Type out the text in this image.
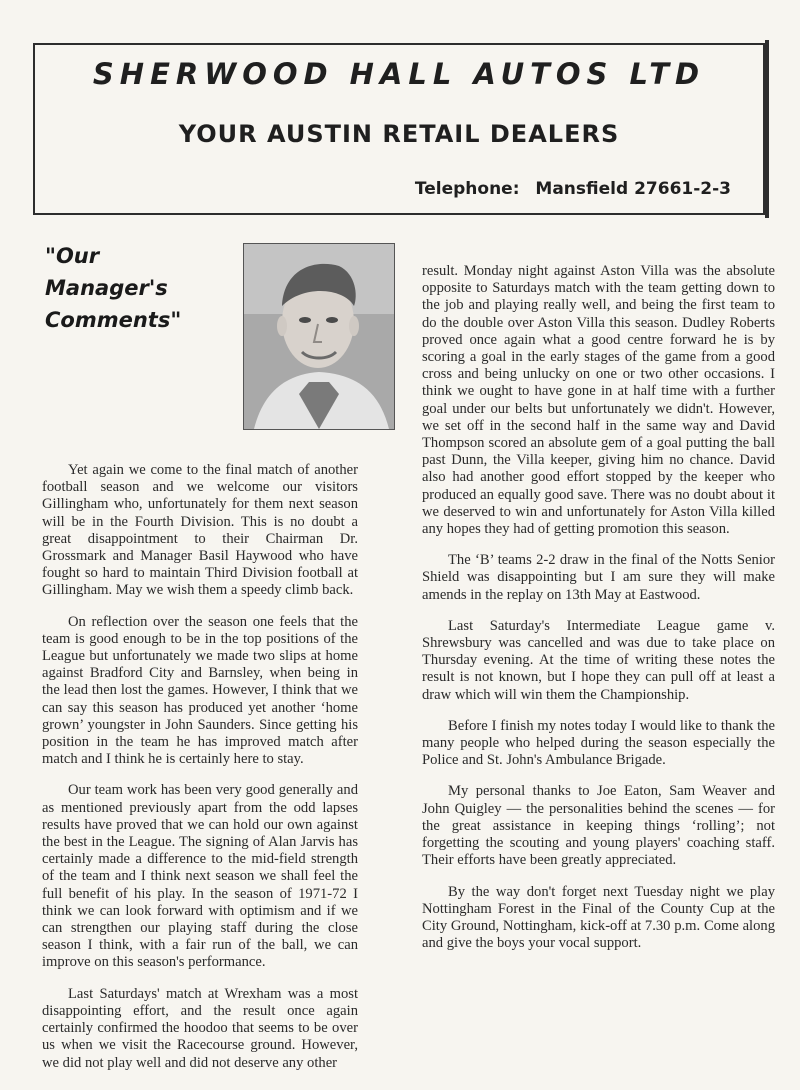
SHERWOOD HALL AUTOS LTD
YOUR AUSTIN RETAIL DEALERS
Telephone: Mansfield 27661-2-3
"Our
Manager's
Comments"

Yet again we come to the final match of another football season and we welcome our visitors Gillingham who, unfortunately for them next season will be in the Fourth Division. This is no doubt a great disappointment to their Chairman Dr. Grossmark and Manager Basil Haywood who have fought so hard to maintain Third Division football at Gillingham. May we wish them a speedy climb back.

On reflection over the season one feels that the team is good enough to be in the top positions of the League but unfortunately we made two slips at home against Bradford City and Barnsley, when being in the lead then lost the games. However, I think that we can say this season has produced yet another ‘home grown’ youngster in John Saunders. Since getting his position in the team he has improved match after match and I think he is certainly here to stay.

Our team work has been very good generally and as mentioned previously apart from the odd lapses results have proved that we can hold our own against the best in the League. The signing of Alan Jarvis has certainly made a difference to the mid-field strength of the team and I think next season we shall feel the full benefit of his play. In the season of 1971-72 I think we can look forward with optimism and if we can strengthen our playing staff during the close season I think, with a fair run of the ball, we can improve on this season's performance.

Last Saturdays' match at Wrexham was a most disappointing effort, and the result once again certainly confirmed the hoodoo that seems to be over us when we visit the Racecourse ground. However, we did not play well and did not deserve any other

result. Monday night against Aston Villa was the absolute opposite to Saturdays match with the team getting down to the job and playing really well, and being the first team to do the double over Aston Villa this season. Dudley Roberts proved once again what a good centre forward he is by scoring a goal in the early stages of the game from a good cross and being unlucky on one or two other occasions. I think we ought to have gone in at half time with a further goal under our belts but unfortunately we didn't. However, we set off in the second half in the same way and David Thompson scored an absolute gem of a goal putting the ball past Dunn, the Villa keeper, giving him no chance. David also had another good effort stopped by the keeper who produced an equally good save. There was no doubt about it we deserved to win and unfortunately for Aston Villa killed any hopes they had of getting promotion this season.

The ‘B’ teams 2-2 draw in the final of the Notts Senior Shield was disappointing but I am sure they will make amends in the replay on 13th May at Eastwood.

Last Saturday's Intermediate League game v. Shrewsbury was cancelled and was due to take place on Thursday evening. At the time of writing these notes the result is not known, but I hope they can pull off at least a draw which will win them the Championship.

Before I finish my notes today I would like to thank the many people who helped during the season especially the Police and St. John's Ambulance Brigade.

My personal thanks to Joe Eaton, Sam Weaver and John Quigley — the personalities behind the scenes — for the great assistance in keeping things ‘rolling’; not forgetting the scouting and young players' coaching staff. Their efforts have been greatly appreciated.

By the way don't forget next Tuesday night we play Nottingham Forest in the Final of the County Cup at the City Ground, Nottingham, kick-off at 7.30 p.m. Come along and give the boys your vocal support.
